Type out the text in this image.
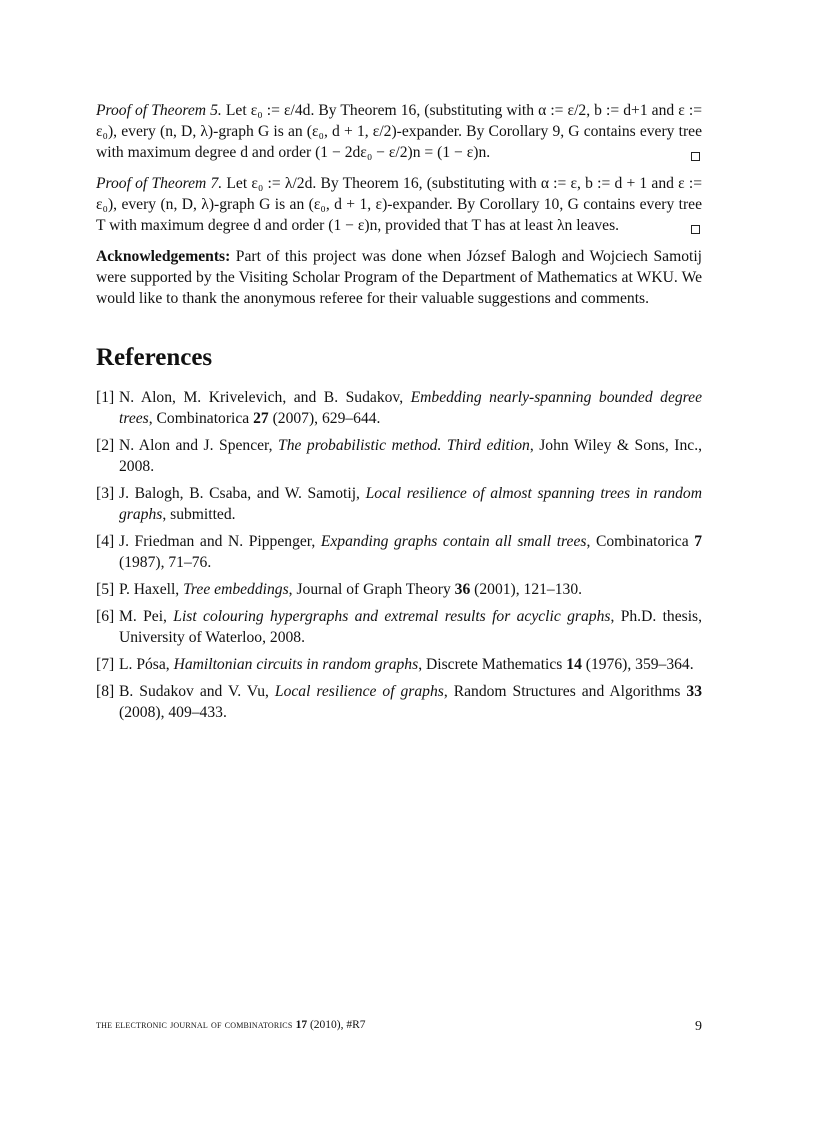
Proof of Theorem 5. Let ε₀ := ε/4d. By Theorem 16, (substituting with α := ε/2, b := d+1 and ε := ε₀), every (n, D, λ)-graph G is an (ε₀, d + 1, ε/2)-expander. By Corollary 9, G contains every tree with maximum degree d and order (1 − 2dε₀ − ε/2)n = (1 − ε)n.

Proof of Theorem 7. Let ε₀ := λ/2d. By Theorem 16, (substituting with α := ε, b := d + 1 and ε := ε₀), every (n, D, λ)-graph G is an (ε₀, d + 1, ε)-expander. By Corollary 10, G contains every tree T with maximum degree d and order (1 − ε)n, provided that T has at least λn leaves.

Acknowledgements: Part of this project was done when József Balogh and Wojciech Samotij were supported by the Visiting Scholar Program of the Department of Mathematics at WKU. We would like to thank the anonymous referee for their valuable suggestions and comments.

References
[1] N. Alon, M. Krivelevich, and B. Sudakov, Embedding nearly-spanning bounded degree trees, Combinatorica 27 (2007), 629–644.
[2] N. Alon and J. Spencer, The probabilistic method. Third edition, John Wiley & Sons, Inc., 2008.
[3] J. Balogh, B. Csaba, and W. Samotij, Local resilience of almost spanning trees in random graphs, submitted.
[4] J. Friedman and N. Pippenger, Expanding graphs contain all small trees, Combinatorica 7 (1987), 71–76.
[5] P. Haxell, Tree embeddings, Journal of Graph Theory 36 (2001), 121–130.
[6] M. Pei, List colouring hypergraphs and extremal results for acyclic graphs, Ph.D. thesis, University of Waterloo, 2008.
[7] L. Pósa, Hamiltonian circuits in random graphs, Discrete Mathematics 14 (1976), 359–364.
[8] B. Sudakov and V. Vu, Local resilience of graphs, Random Structures and Algorithms 33 (2008), 409–433.
the electronic journal of combinatorics 17 (2010), #R7	9
